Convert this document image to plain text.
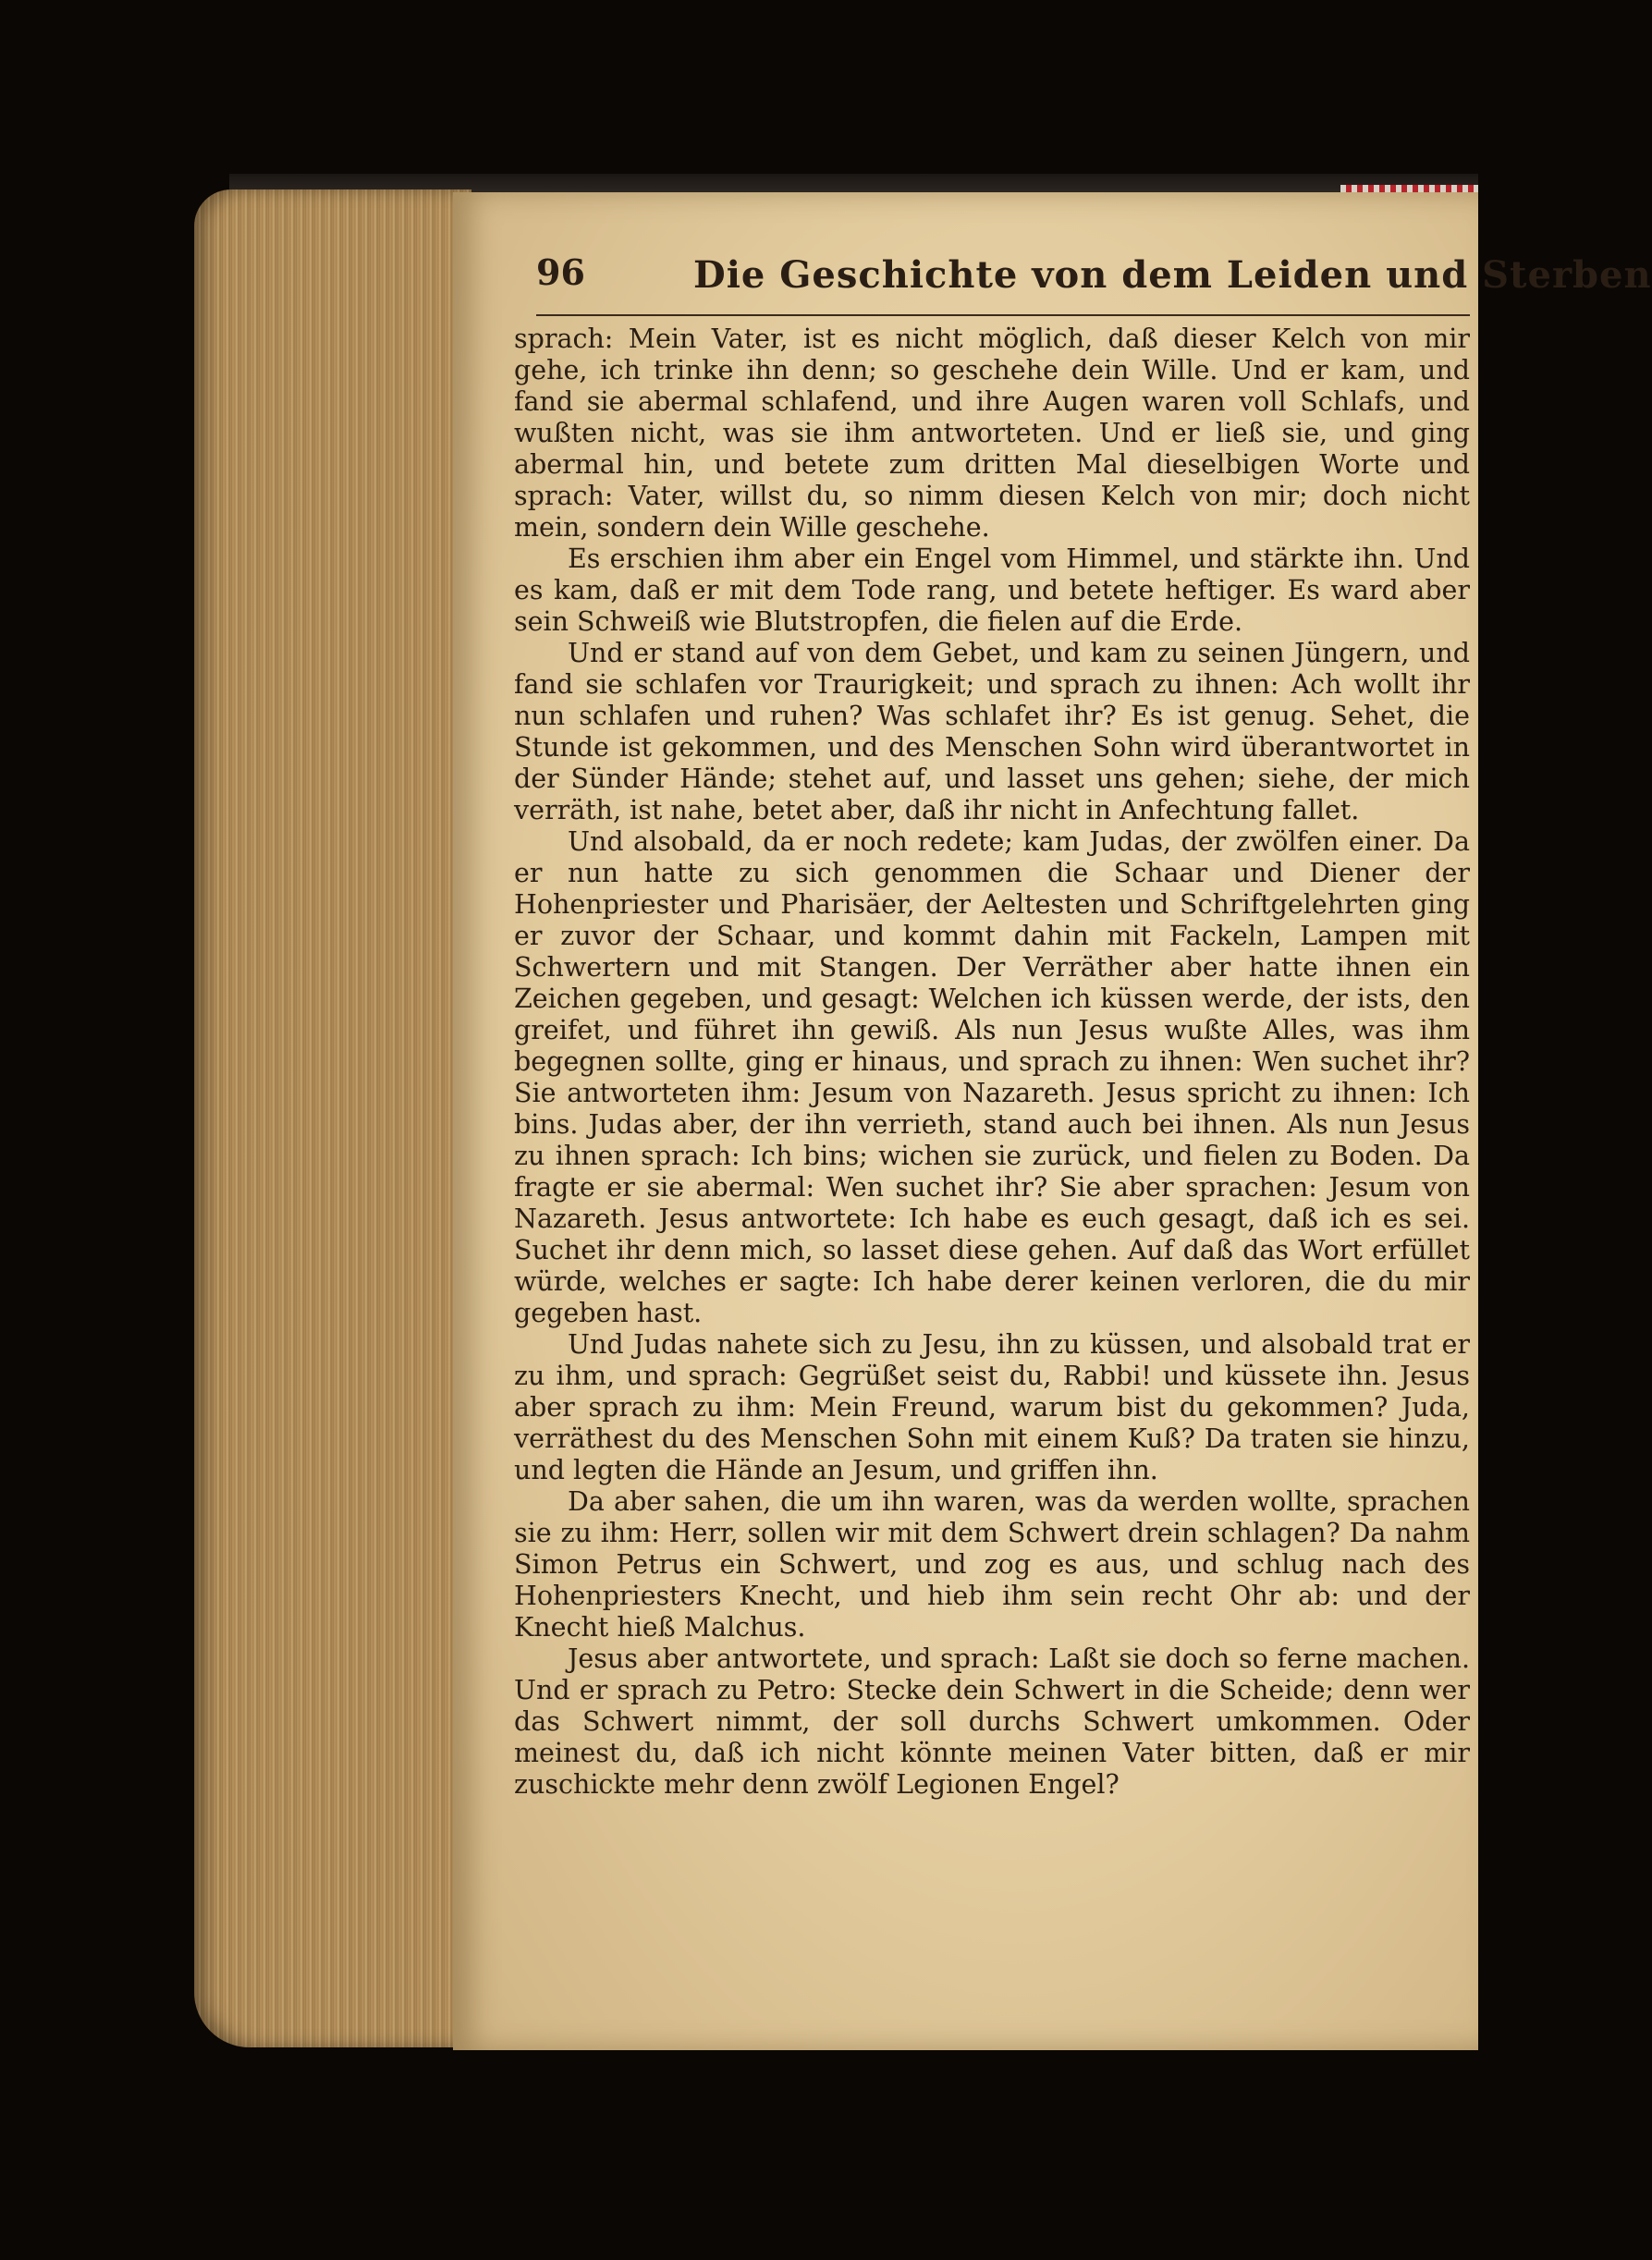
96	Die Geschichte von dem Leiden und Sterben

sprach: Mein Vater, ist es nicht möglich, daß dieser Kelch von mir gehe, ich trinke ihn denn; so geschehe dein Wille. Und er kam, und fand sie abermal schlafend, und ihre Augen waren voll Schlafs, und wußten nicht, was sie ihm antworteten. Und er ließ sie, und ging abermal hin, und betete zum dritten Mal dieselbigen Worte und sprach: Vater, willst du, so nimm diesen Kelch von mir; doch nicht mein, sondern dein Wille geschehe.

Es erschien ihm aber ein Engel vom Himmel, und stärkte ihn. Und es kam, daß er mit dem Tode rang, und betete heftiger. Es ward aber sein Schweiß wie Blutstropfen, die fielen auf die Erde.

Und er stand auf von dem Gebet, und kam zu seinen Jüngern, und fand sie schlafen vor Traurigkeit; und sprach zu ihnen: Ach wollt ihr nun schlafen und ruhen? Was schlafet ihr? Es ist genug. Sehet, die Stunde ist gekommen, und des Menschen Sohn wird überantwortet in der Sünder Hände; stehet auf, und lasset uns gehen; siehe, der mich verräth, ist nahe, betet aber, daß ihr nicht in Anfechtung fallet.

Und alsobald, da er noch redete; kam Judas, der zwölfen einer. Da er nun hatte zu sich genommen die Schaar und Diener der Hohenpriester und Pharisäer, der Aeltesten und Schriftgelehrten ging er zuvor der Schaar, und kommt dahin mit Fackeln, Lampen mit Schwertern und mit Stangen. Der Verräther aber hatte ihnen ein Zeichen gegeben, und gesagt: Welchen ich küssen werde, der ists, den greifet, und führet ihn gewiß. Als nun Jesus wußte Alles, was ihm begegnen sollte, ging er hinaus, und sprach zu ihnen: Wen suchet ihr? Sie antworteten ihm: Jesum von Nazareth. Jesus spricht zu ihnen: Ich bins. Judas aber, der ihn verrieth, stand auch bei ihnen. Als nun Jesus zu ihnen sprach: Ich bins; wichen sie zurück, und fielen zu Boden. Da fragte er sie abermal: Wen suchet ihr? Sie aber sprachen: Jesum von Nazareth. Jesus antwortete: Ich habe es euch gesagt, daß ich es sei. Suchet ihr denn mich, so lasset diese gehen. Auf daß das Wort erfüllet würde, welches er sagte: Ich habe derer keinen verloren, die du mir gegeben hast.

Und Judas nahete sich zu Jesu, ihn zu küssen, und alsobald trat er zu ihm, und sprach: Gegrüßet seist du, Rabbi! und küssete ihn. Jesus aber sprach zu ihm: Mein Freund, warum bist du gekommen? Juda, verräthest du des Menschen Sohn mit einem Kuß? Da traten sie hinzu, und legten die Hände an Jesum, und griffen ihn.

Da aber sahen, die um ihn waren, was da werden wollte, sprachen sie zu ihm: Herr, sollen wir mit dem Schwert drein schlagen? Da nahm Simon Petrus ein Schwert, und zog es aus, und schlug nach des Hohenpriesters Knecht, und hieb ihm sein recht Ohr ab: und der Knecht hieß Malchus.

Jesus aber antwortete, und sprach: Laßt sie doch so ferne machen. Und er sprach zu Petro: Stecke dein Schwert in die Scheide; denn wer das Schwert nimmt, der soll durchs Schwert umkommen. Oder meinest du, daß ich nicht könnte meinen Vater bitten, daß er mir zuschickte mehr denn zwölf Legionen Engel?
